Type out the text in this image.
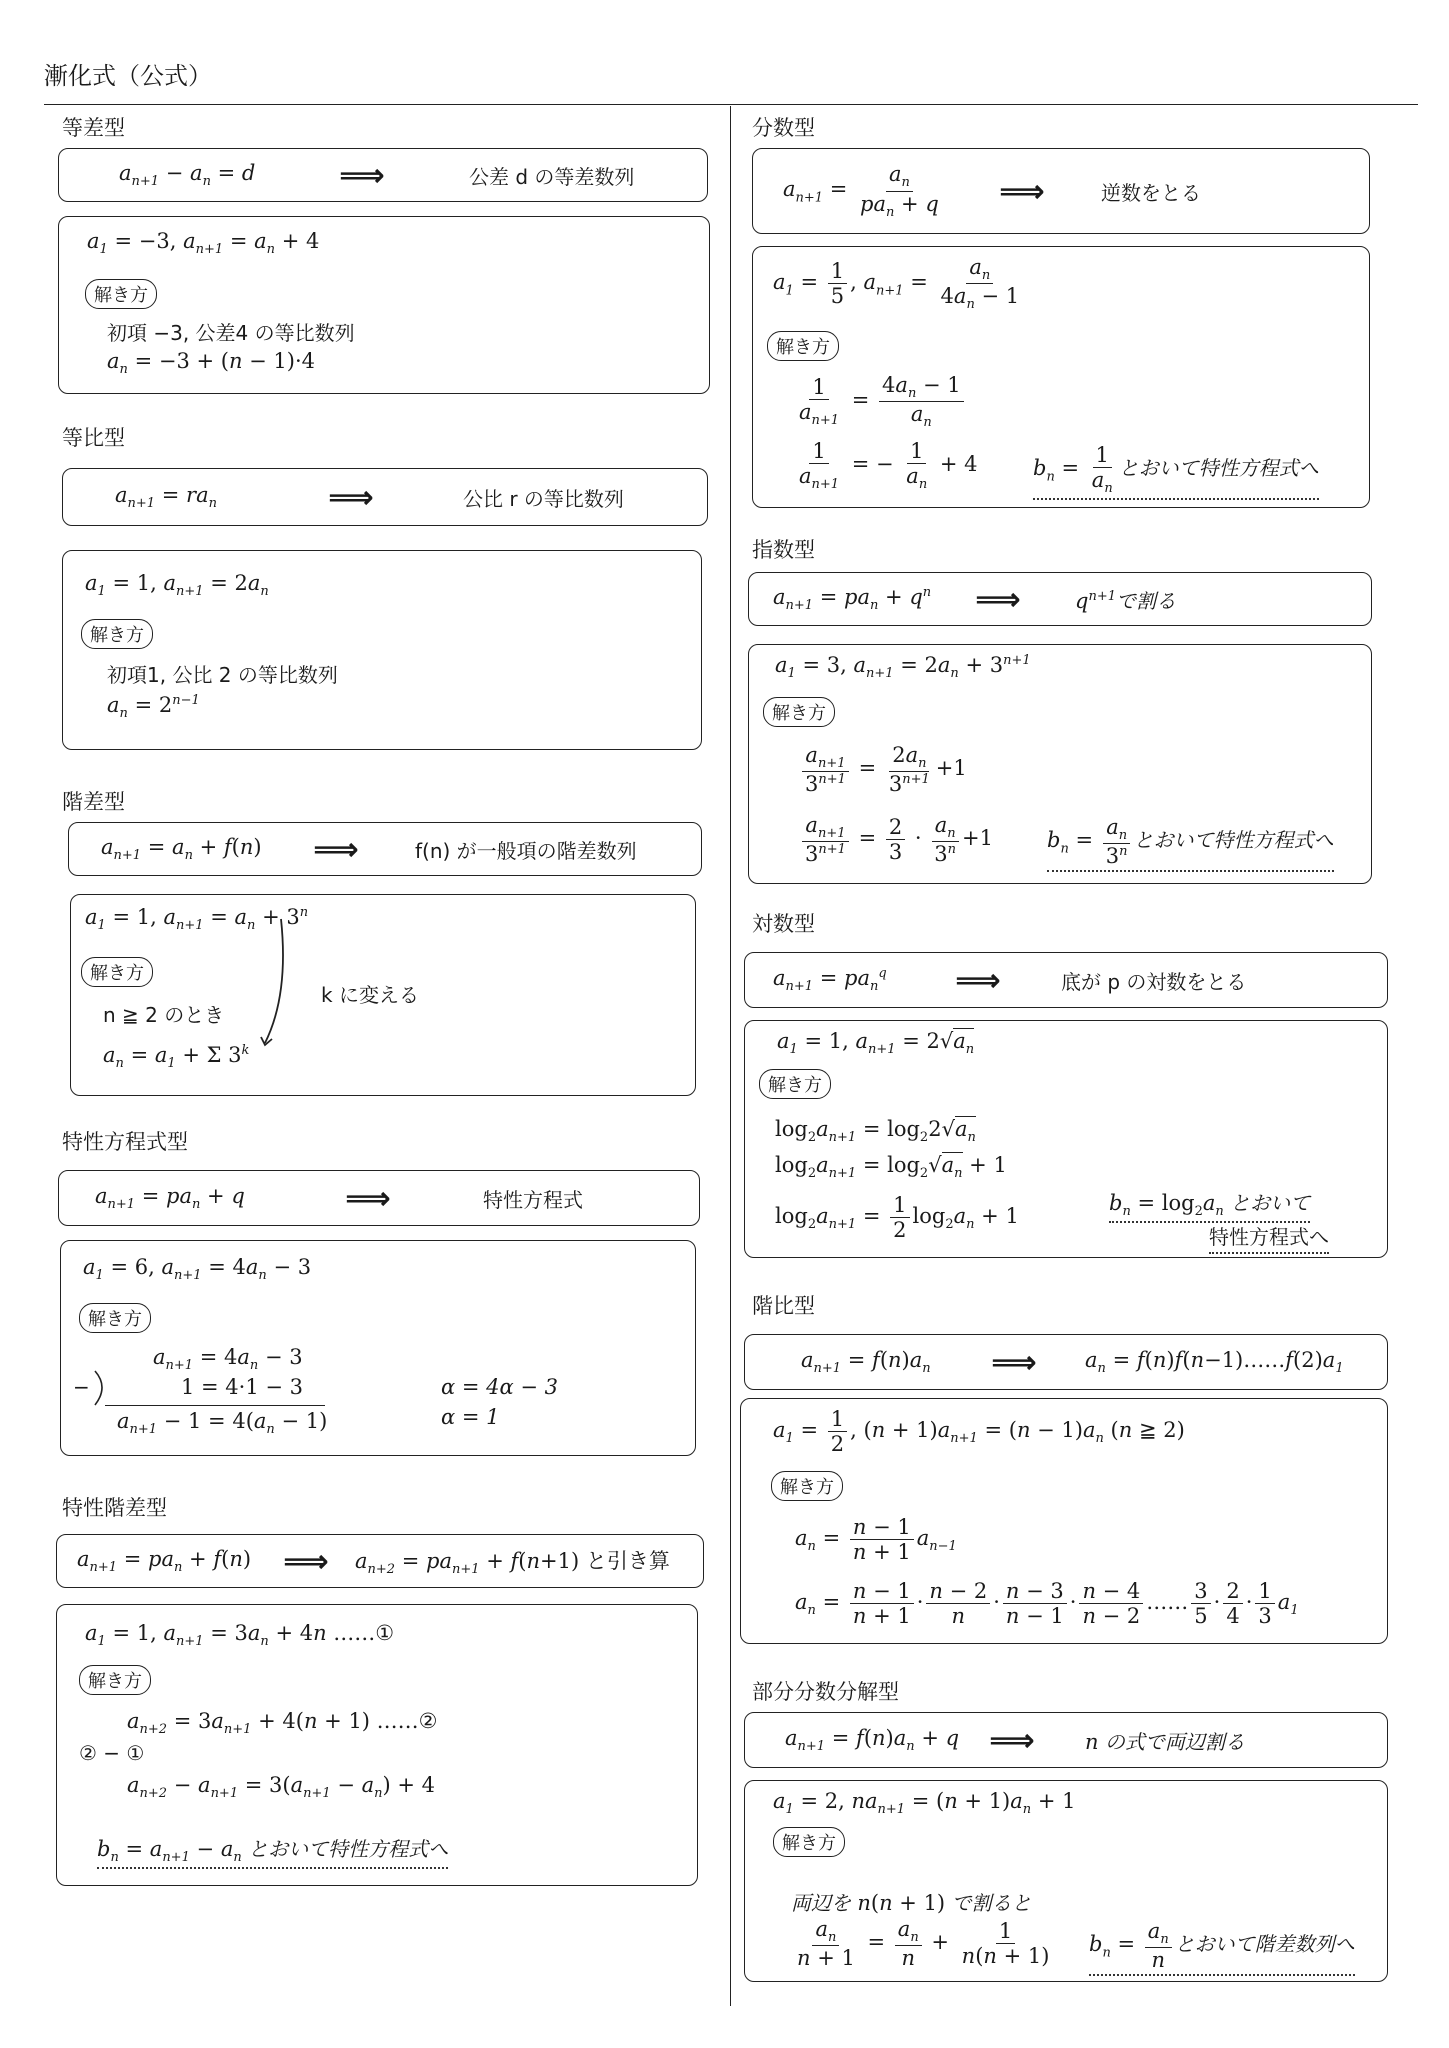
漸化式（公式）
等差型
$a_{n+1} - a_n = d$	⟹	公差 d の等差数列
$a_1 = -3$, $a_{n+1} = a_n + 4$
解き方
初項 −3, 公差4 の等比数列
$a_n = -3 + (n - 1)\cdot 4$
等比型
$a_{n+1} = ra_n$	⟹	公比 r の等比数列
$a_1 = 1$, $a_{n+1} = 2a_n$
解き方
初項1, 公比 2 の等比数列
$a_n = 2^{n-1}$
階差型
$a_{n+1} = a_n + f(n)$ ⟹	f(n) が一般項の階差数列
$a_1 = 1$, $a_{n+1} = a_n + 3^n$
解き方
n ≧ 2 のとき
$a_n = a_1 + \Sigma$ 3$^k$
k に変える
特性方程式型
$a_{n+1} = pa_n + q$	⟹	特性方程式
$a_1 = 6$, $a_{n+1} = 4a_n - 3$
解き方
$a_{n+1} = 4a_n - 3$
−	1 = 4·1 − 3
$a_{n+1} - 1 = 4(a_n - 1)$
α = 4α − 3
α = 1
特性階差型
$a_{n+1} = pa_n + f(n)$ ⟹ $a_{n+2} = pa_{n+1} + f(n+1)$ と引き算
$a_1 = 1$, $a_{n+1} = 3a_n + 4n$ ……①
解き方
$a_{n+2} = 3a_{n+1} + 4(n + 1)$ ……②
② − ①
$a_{n+2} - a_{n+1} = 3(a_{n+1} - a_n) + 4$
$b_n = a_{n+1} - a_n$ とおいて特性方程式へ
分数型
$a_{n+1} = \frac{a_n}{pa_n + q}$ ⟹	逆数をとる
$a_1 = \frac{1}{5}$ , $a_{n+1} = \frac{a_n}{4a_n - 1}$
解き方
$\frac{1}{a_{n+1}} = \frac{4a_n - 1}{a_n}$
$\frac{1}{a_{n+1}}$ = − $\frac{1}{a_n} + 4$	$b_n = \frac{1}{a_n}$ とおいて特性方程式へ
指数型
$a_{n+1} = pa_n + q^n$ ⟹	$q^{n+1}$で割る
$a_1 = 3$, $a_{n+1} = 2a_n + 3^{n+1}$
解き方
$\frac{a_{n+1}}{3^{n+1}} = \frac{2a_n}{3^{n+1}} +1$
$\frac{a_{n+1}}{3^{n+1}} = \frac{2}{3} \cdot \frac{a_n}{3^n} +1$	$b_n = \frac{a_n}{3^n}$ とおいて特性方程式へ
対数型
$a_{n+1} = pa_n^q$ ⟹	底が p の対数をとる
$a_1 = 1$, $a_{n+1} = 2√a_n$
解き方
$\log_2a_{n+1} = \log_22√a_n$
$\log_2a_{n+1} = \log_2√a_n + 1$
$\log_2a_{n+1} = \frac{1}{2} \log_2a_n + 1$
$b_n = \log_2a_n$ とおいて
特性方程式へ
階比型
$a_{n+1} = f(n)a_n$ ⟹ $a_n$ = $f(n)f(n-1)\dots\dots f(2)a_1$
$a_1 = \frac{1}{2}$ , $(n + 1)a_{n+1} = (n - 1)a_n$ (n ≧ 2)
解き方
$a_n = \frac{n - 1}{n + 1} a_{n-1}$
$a_n = \frac{n - 1}{n + 1} \cdot \frac{n - 2}{n} \cdot \frac{n - 3}{n - 1} \cdot \frac{n - 4}{n - 2}$ …… $\frac{3}{5} \cdot \frac{2}{4} \cdot \frac{1}{3} a_1$
部分分数分解型
$a_{n+1} = f(n)a_n + q$ ⟹ n の式で両辺割る
$a_1 = 2$, $na_{n+1} = (n + 1)a_n + 1$
解き方
両辺を n(n + 1) で割ると
$\frac{a_n}{n + 1} = \frac{a_n}{n} + \frac{1}{n(n + 1)} b_n = \frac{a_n}{n}$ とおいて階差数列へ
